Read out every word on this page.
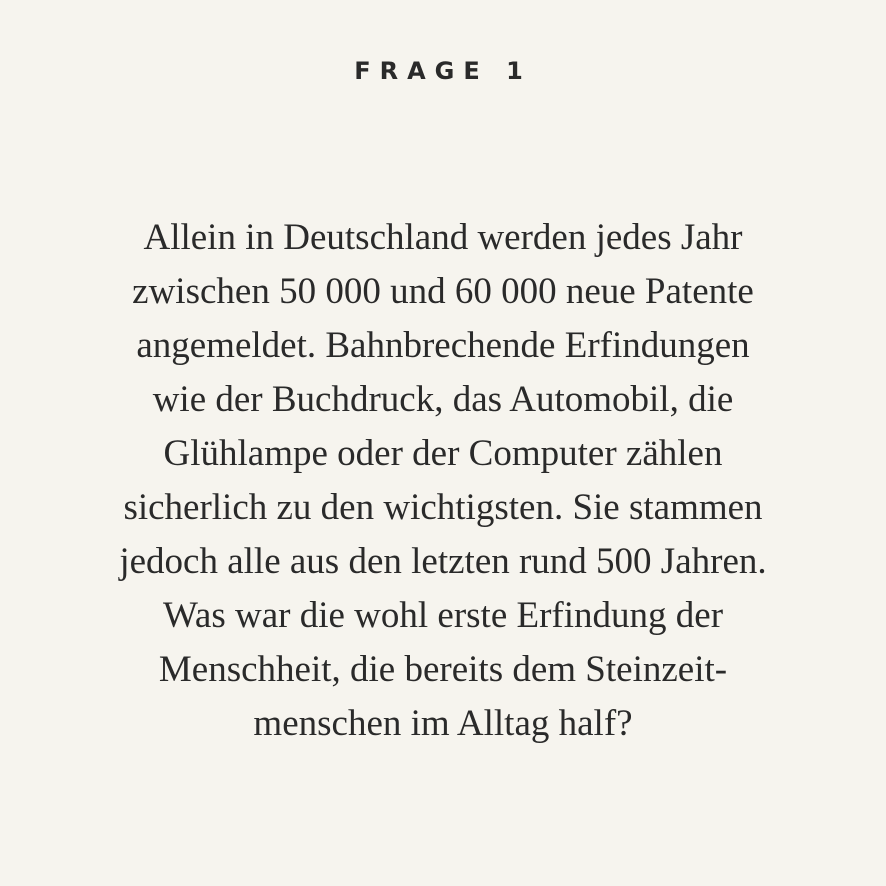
FRAGE 1
Allein in Deutschland werden jedes Jahr
zwischen 50 000 und 60 000 neue Patente
angemeldet. Bahnbrechende Erfindungen
wie der Buchdruck, das Automobil, die
Glühlampe oder der Computer zählen
sicherlich zu den wichtigsten. Sie stammen
jedoch alle aus den letzten rund 500 Jahren.
Was war die wohl erste Erfindung der
Menschheit, die bereits dem Steinzeit-
menschen im Alltag half?
